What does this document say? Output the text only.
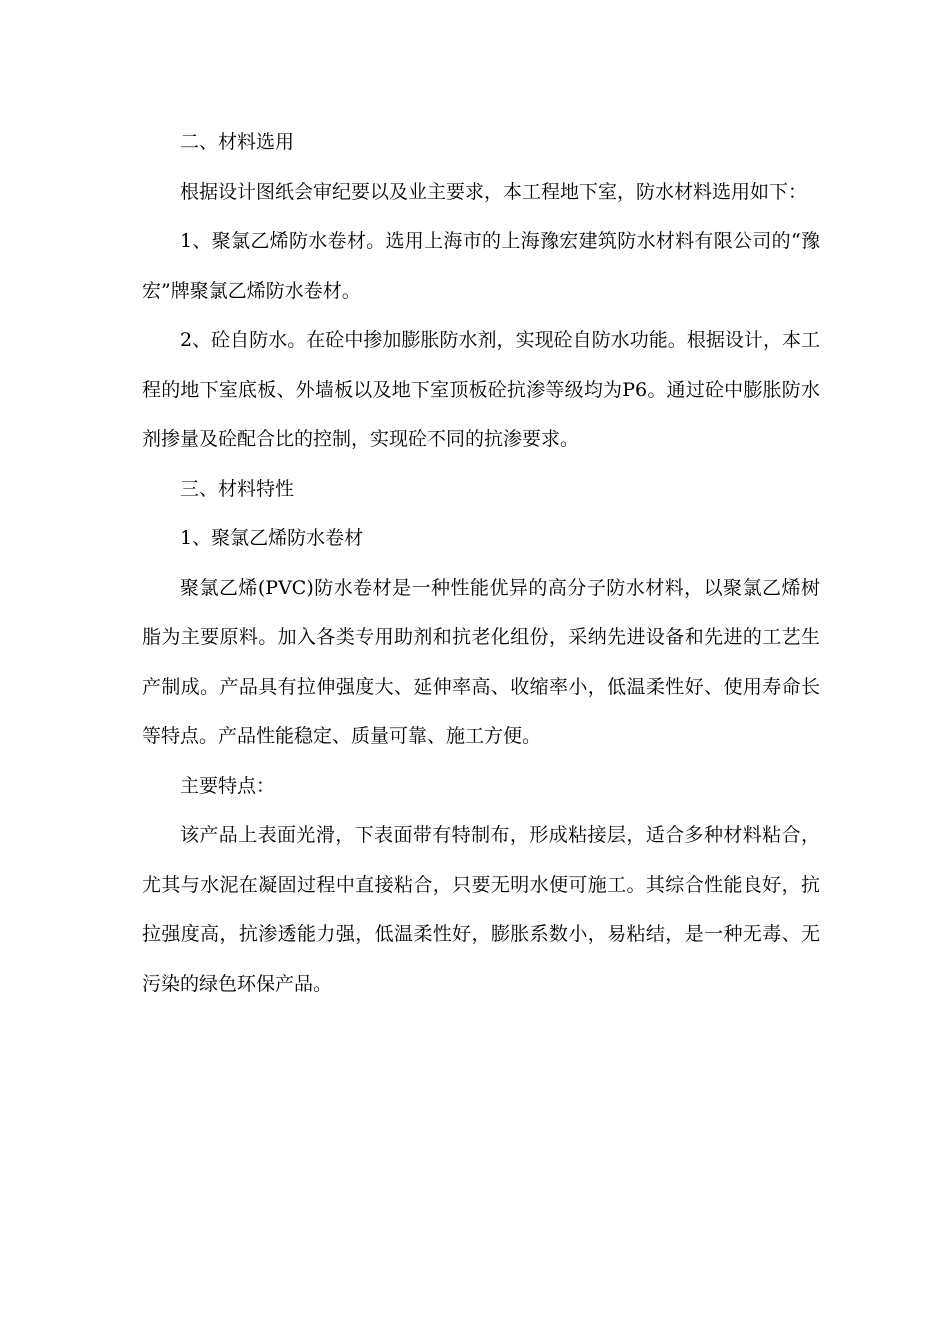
二、材料选用

根据设计图纸会审纪要以及业主要求，本工程地下室，防水材料选用如下：

1、聚氯乙烯防水卷材。选用上海市的上海豫宏建筑防水材料有限公司的“豫宏”牌聚氯乙烯防水卷材。

2、砼自防水。在砼中掺加膨胀防水剂，实现砼自防水功能。根据设计，本工程的地下室底板、外墙板以及地下室顶板砼抗渗等级均为P6。通过砼中膨胀防水剂掺量及砼配合比的控制，实现砼不同的抗渗要求。

三、材料特性

1、聚氯乙烯防水卷材

聚氯乙烯(PVC)防水卷材是一种性能优异的高分子防水材料，以聚氯乙烯树脂为主要原料。加入各类专用助剂和抗老化组份，采纳先进设备和先进的工艺生产制成。产品具有拉伸强度大、延伸率高、收缩率小，低温柔性好、使用寿命长等特点。产品性能稳定、质量可靠、施工方便。

主要特点：

该产品上表面光滑，下表面带有特制布，形成粘接层，适合多种材料粘合，尤其与水泥在凝固过程中直接粘合，只要无明水便可施工。其综合性能良好，抗拉强度高，抗渗透能力强，低温柔性好，膨胀系数小，易粘结，是一种无毒、无污染的绿色环保产品。
